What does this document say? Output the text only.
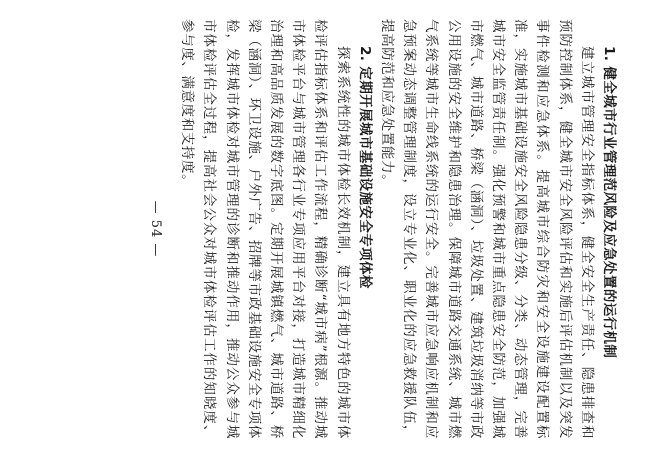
1. 健全城市行业管理范风险及应急处置的运行机制

建立城市管理安全指标体系，健全安全生产责任、隐患排查和预防控制体系，健全城市安全风险评估和实施后评估机制以及突发事件检测和应急体系。提高城市综合防灾和安全设施建设配置标准，实施城市基础设施安全风险隐患分级、分类、动态管理，完善城市安全监管责任制。强化预警和城市重点隐患安全防范，加强城市燃气、城市道路、桥梁（涵洞）、垃圾处置、建筑垃圾消纳等市政公用设施的安全维护和隐患治理。保障城市道路交通系统、城市燃气系统等城市生命线系统的运行安全。完善城市应急响应机制和应急预案动态调整管理制度，设立专业化、职业化的应急救援队伍，提高防范和应急处置能力。

2. 定期开展城市基础设施安全专项体检

探索系统性的城市体检长效机制，建立具有地方特色的城市体检评估指标体系和评估工作流程，精确诊断“城市病”根源。推动城市体检平台与城市管理各行业专项应用平台对接，打造城市精细化治理和高品质发展的数字底图。定期开展城镇燃气、城市道路、桥梁（涵洞）、环卫设施、户外广告、招牌等市政基础设施安全专项体检，发挥城市体检对城市管理的诊断和推动作用，推动公众参与城市体检评估全过程，提高社会公众对城市体检评估工作的知晓度、参与度、满意度和支持度。

— 54 —
